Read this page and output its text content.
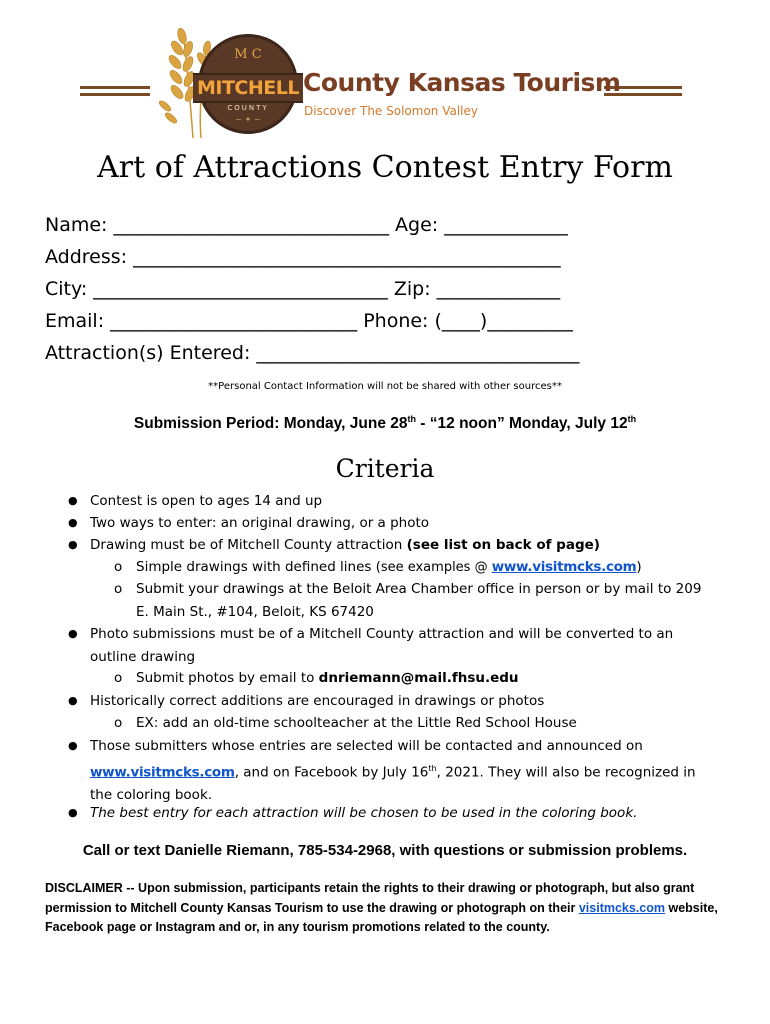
M C
MITCHELL
COUNTY
~ ✦ ~
County Kansas Tourism
Discover The Solomon Valley
Art of Attractions Contest Entry Form
Name: _____________________________ Age: _____________
Address: _____________________________________________
City: _______________________________ Zip: _____________
Email: __________________________ Phone: (____)_________
Attraction(s) Entered: __________________________________
**Personal Contact Information will not be shared with other sources**
Submission Period: Monday, June 28th - “12 noon” Monday, July 12th
Criteria
● Contest is open to ages 14 and up
● Two ways to enter: an original drawing, or a photo
● Drawing must be of Mitchell County attraction (see list on back of page)
o Simple drawings with defined lines (see examples @ www.visitmcks.com)
o Submit your drawings at the Beloit Area Chamber office in person or by mail to 209
E. Main St., #104, Beloit, KS 67420
● Photo submissions must be of a Mitchell County attraction and will be converted to an
outline drawing
o Submit photos by email to dnriemann@mail.fhsu.edu
● Historically correct additions are encouraged in drawings or photos
o EX: add an old-time schoolteacher at the Little Red School House
● Those submitters whose entries are selected will be contacted and announced on
www.visitmcks.com, and on Facebook by July 16th, 2021. They will also be recognized in
the coloring book.
● The best entry for each attraction will be chosen to be used in the coloring book.
Call or text Danielle Riemann, 785-534-2968, with questions or submission problems.
DISCLAIMER -- Upon submission, participants retain the rights to their drawing or photograph, but also grant permission to Mitchell County Kansas Tourism to use the drawing or photograph on their visitmcks.com website, Facebook page or Instagram and or, in any tourism promotions related to the county.
